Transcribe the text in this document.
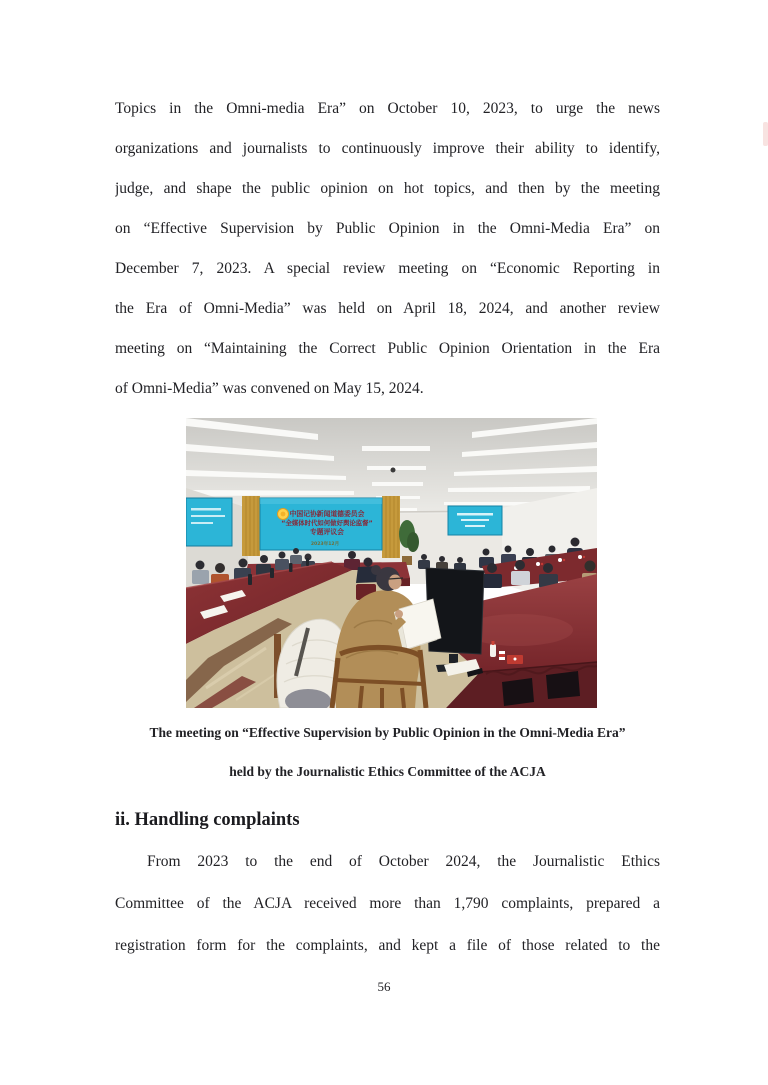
Topics in the Omni-media Era” on October 10, 2023, to urge the news
organizations and journalists to continuously improve their ability to identify,
judge, and shape the public opinion on hot topics, and then by the meeting
on “Effective Supervision by Public Opinion in the Omni-Media Era” on
December 7, 2023. A special review meeting on “Economic Reporting in
the Era of Omni-Media” was held on April 18, 2024, and another review
meeting on “Maintaining the Correct Public Opinion Orientation in the Era
of Omni-Media” was convened on May 15, 2024.
中国记协新闻道德委员会
“全媒体时代如何做好舆论监督”
专题评议会
2023年12月
The meeting on “Effective Supervision by Public Opinion in the Omni-Media Era”
held by the Journalistic Ethics Committee of the ACJA
ii. Handling complaints
From 2023 to the end of October 2024, the Journalistic Ethics
Committee of the ACJA received more than 1,790 complaints, prepared a
registration form for the complaints, and kept a file of those related to the
56
